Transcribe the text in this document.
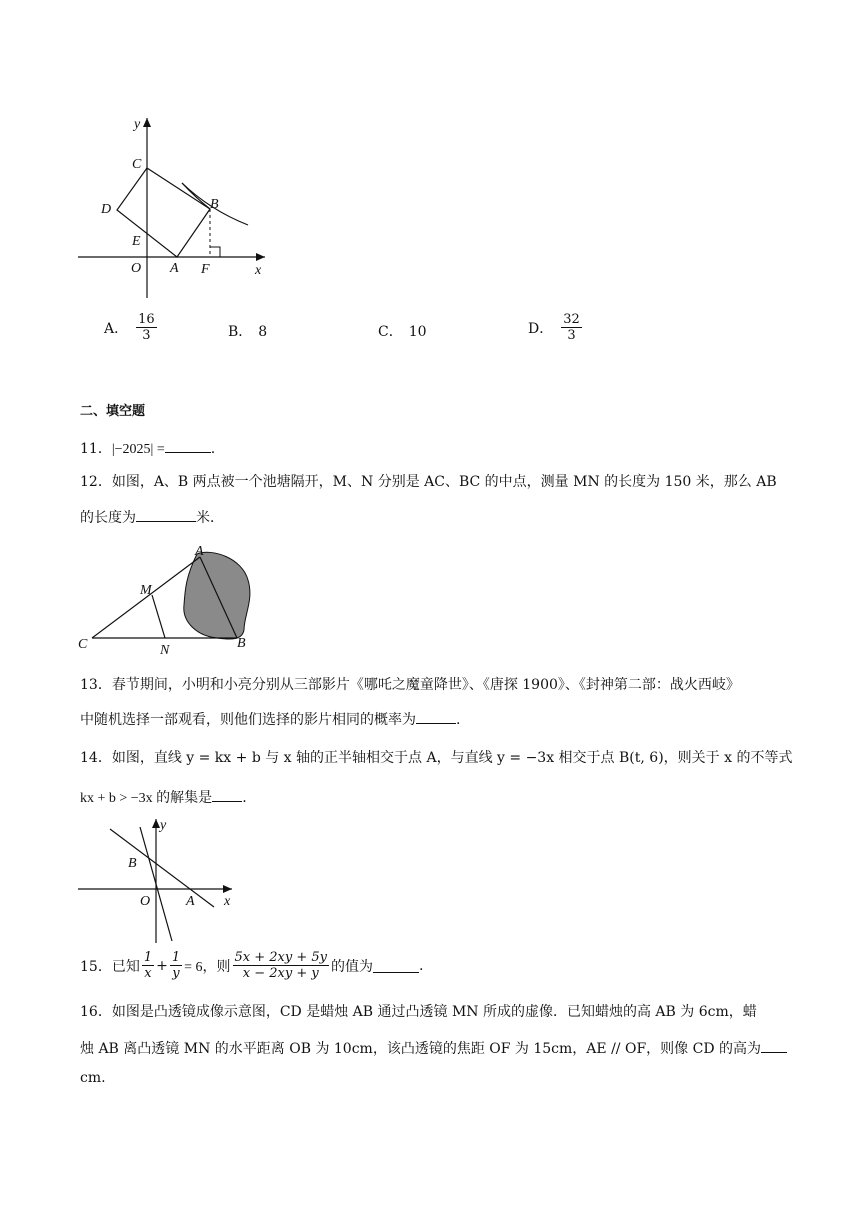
y
x
C
D	B
E
O A F
A． $\frac{16}{3}$	B． 8	C． 10	D． $\frac{32}{3}$
二、填空题
11．|−2025| =	.
12．如图，A、B 两点被一个池塘隔开，M、N 分别是 AC、BC 的中点，测量 MN 的长度为 150 米，那么 AB
的长度为	米．
A
M
C	N	B
13．春节期间，小明和小亮分别从三部影片《哪吒之魔童降世》、《唐探 1900》、《封神第二部：战火西岐》
中随机选择一部观看，则他们选择的影片相同的概率为	.
14．如图，直线 y = kx + b 与 x 轴的正半轴相交于点 A，与直线 y = −3x 相交于点 B(t, 6)，则关于 x 的不等式
kx + b > −3x 的解集是 .
y
x
B
O	A
15．已知 $\frac{1}{x} + \frac{1}{y} = 6$，则 $\frac{5x + 2xy + 5y}{x - 2xy + y}$ 的值为	.
16．如图是凸透镜成像示意图，CD 是蜡烛 AB 通过凸透镜 MN 所成的虚像．已知蜡烛的高 AB 为 6cm，蜡
烛 AB 离凸透镜 MN 的水平距离 OB 为 10cm，该凸透镜的焦距 OF 为 15cm，AE // OF，则像 CD 的高为
cm.
